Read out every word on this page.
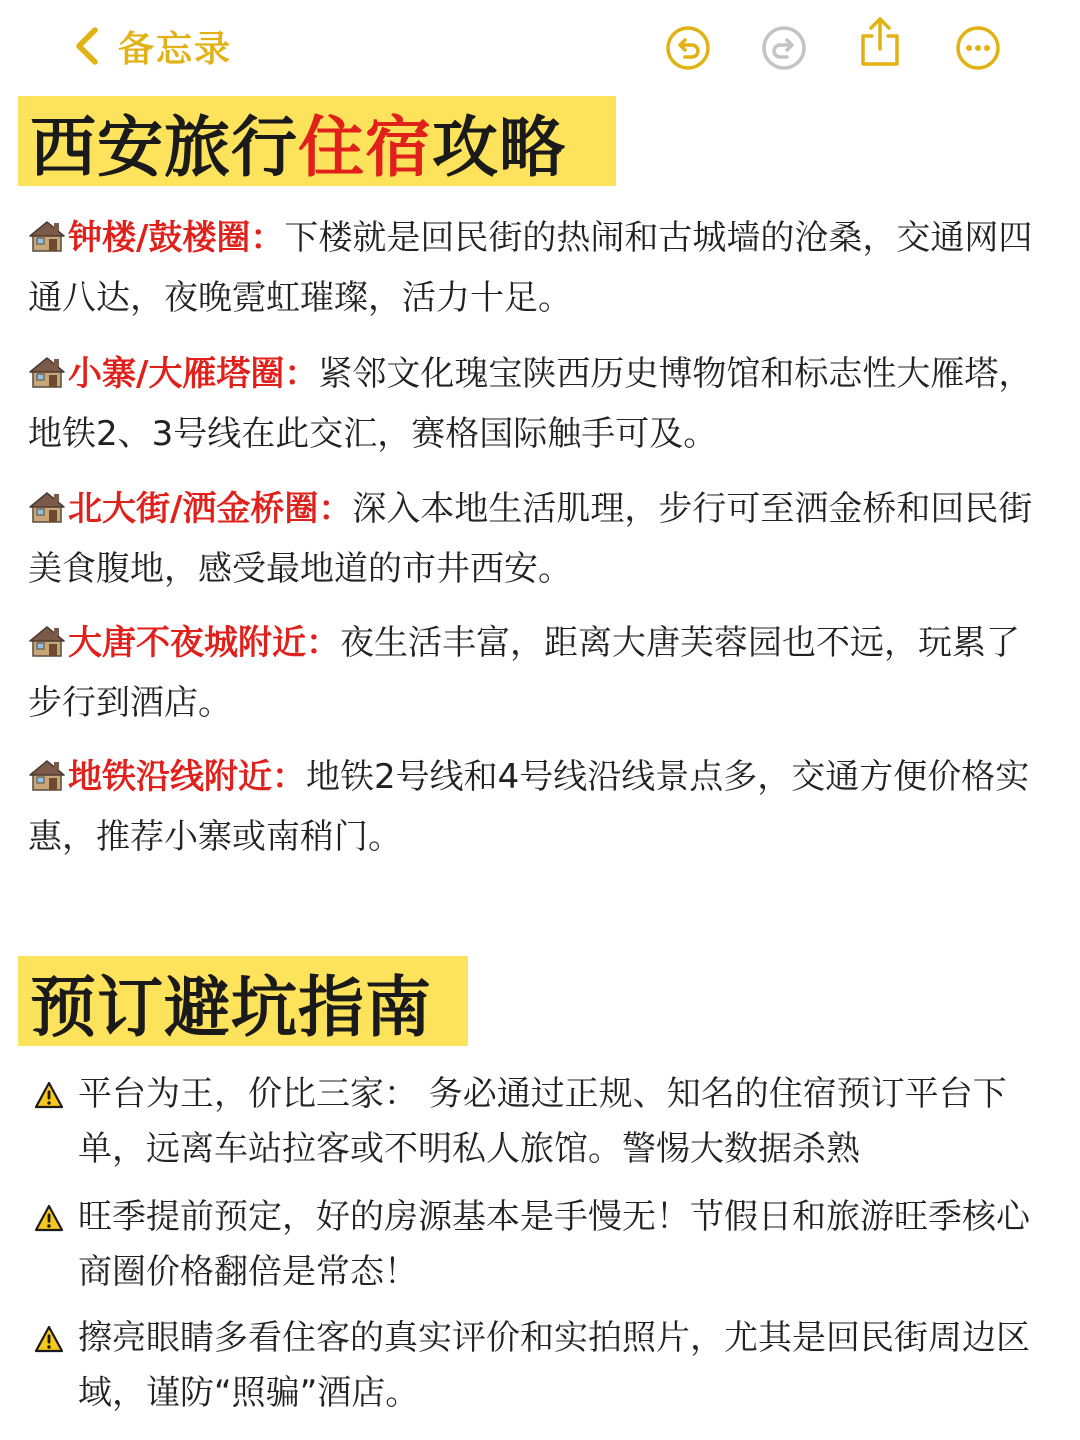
备忘录
西安旅行 住宿 攻略
钟楼/鼓楼圈：下楼就是回民街的热闹和古城墙的沧桑，交通网四通八达，夜晚霓虹璀璨，活力十足。
小寨/大雁塔圈：紧邻文化瑰宝陕西历史博物馆和标志性大雁塔，地铁2、3号线在此交汇，赛格国际触手可及。
北大街/洒金桥圈：深入本地生活肌理，步行可至洒金桥和回民街美食腹地，感受最地道的市井西安。
大唐不夜城附近：夜生活丰富，距离大唐芙蓉园也不远，玩累了步行到酒店。
地铁沿线附近：地铁2号线和4号线沿线景点多，交通方便价格实惠，推荐小寨或南稍门。
预订避坑指南
平台为王，价比三家： 务必通过正规、知名的住宿预订平台下单，远离车站拉客或不明私人旅馆。警惕大数据杀熟
旺季提前预定，好的房源基本是手慢无！节假日和旅游旺季核心商圈价格翻倍是常态！
擦亮眼睛多看住客的真实评价和实拍照片，尤其是回民街周边区域，谨防“照骗”酒店。
